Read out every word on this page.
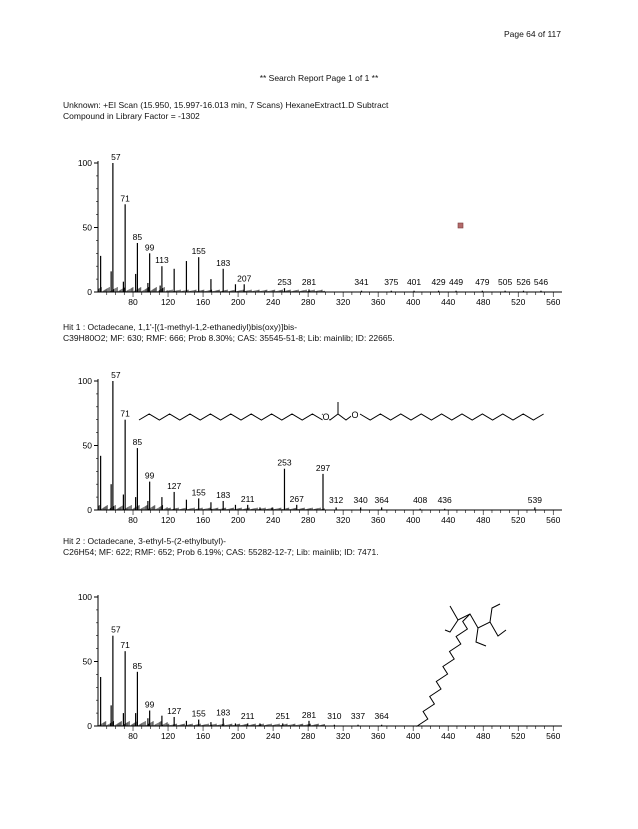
Page 64 of 117
** Search Report Page 1 of 1 **
Unknown: +EI Scan (15.950, 15.997-16.013 min, 7 Scans) HexaneExtract1.D Subtract
Compound in Library Factor = -1302
0
50
100
80	120 160 200 240 280 320 360 400 440 480 520 560
57
71
85
99
113
155
183
207	253 281	341 375 401 429 449 479 505 526 546
Hit 1 : Octadecane, 1,1'-[(1-methyl-1,2-ethanediyl)bis(oxy)]bis-
C39H80O2; MF: 630; RMF: 666; Prob 8.30%; CAS: 35545-51-8; Lib: mainlib; ID: 22665.
0
50
100
80	120 160 200 240 280 320 360 400 440 480 520 560
57
71
85
99
127
155 183 211
253
267
297
312 340 364	408 436	539
O O
Hit 2 : Octadecane, 3-ethyl-5-(2-ethylbutyl)-
C26H54; MF: 622; RMF: 652; Prob 6.19%; CAS: 55282-12-7; Lib: mainlib; ID: 7471.
0
50
100
80	120 160 200 240 280 320 360 400 440 480 520 560
57
71
85
99
127 155 183 211 251 281 310 337 364
